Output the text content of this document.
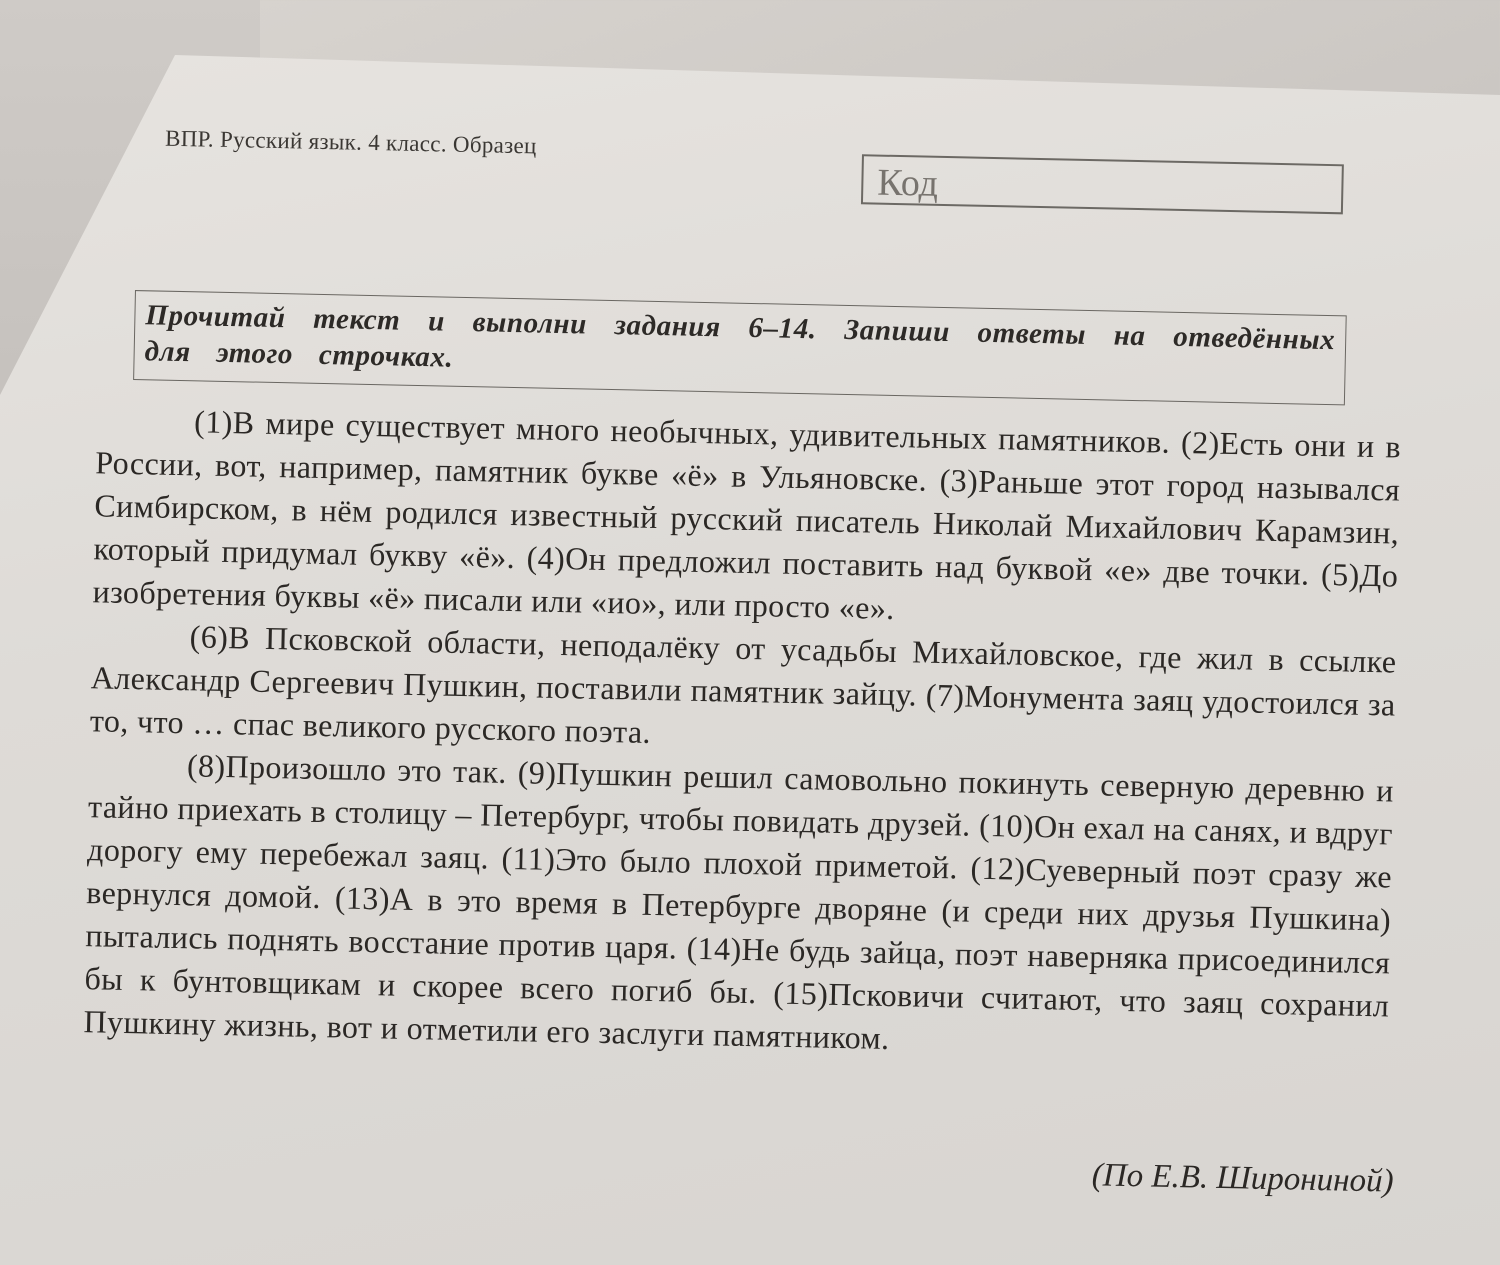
ВПР. Русский язык. 4 класс. Образец
Код
Прочитай текст и выполни задания 6–14. Запиши ответы на отведённых для этого строчках.

(1)В мире существует много необычных, удивительных памятников. (2)Есть они и в России, вот, например, памятник букве «ё» в Ульяновске. (3)Раньше этот город назывался Симбирском, в нём родился известный русский писатель Николай Михайлович Карамзин, который придумал букву «ё». (4)Он предложил поставить над буквой «е» две точки. (5)До изобретения буквы «ё» писали или «ио», или просто «е».

(6)В Псковской области, неподалёку от усадьбы Михайловское, где жил в ссылке Александр Сергеевич Пушкин, поставили памятник зайцу. (7)Монумента заяц удостоился за то, что … спас великого русского поэта.

(8)Произошло это так. (9)Пушкин решил самовольно покинуть северную деревню и тайно приехать в столицу – Петербург, чтобы повидать друзей. (10)Он ехал на санях, и вдруг дорогу ему перебежал заяц. (11)Это было плохой приметой. (12)Суеверный поэт сразу же вернулся домой. (13)А в это время в Петербурге дворяне (и среди них друзья Пушкина) пытались поднять восстание против царя. (14)Не будь зайца, поэт наверняка присоединился бы к бунтовщикам и скорее всего погиб бы. (15)Псковичи считают, что заяц сохранил Пушкину жизнь, вот и отметили его заслуги памятником.

(По Е.В. Широниной)
